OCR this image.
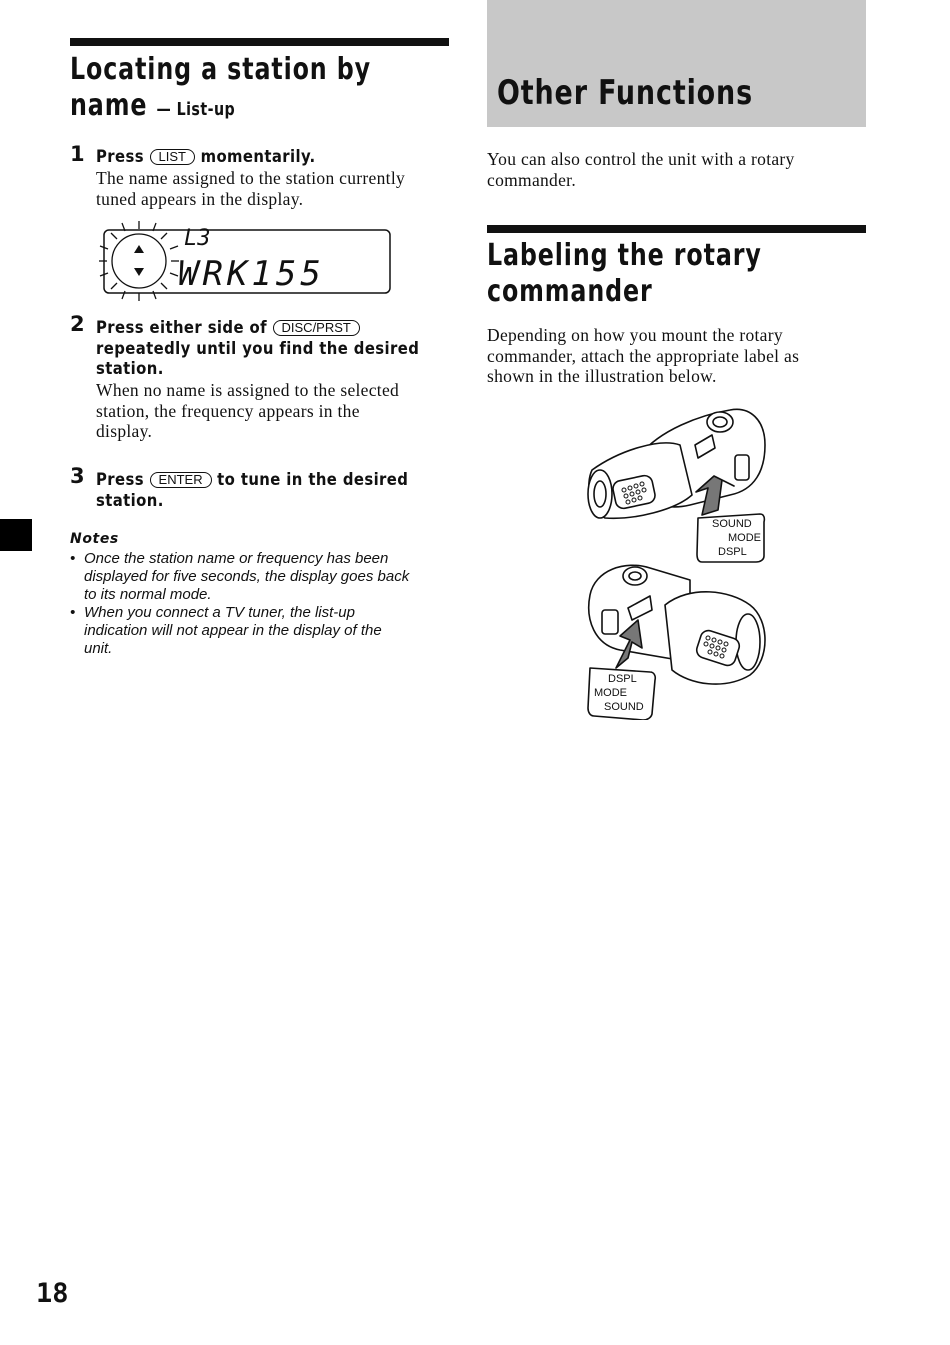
Locating a station by
name — List-up
1 Press LIST momentarily.
The name assigned to the station currently
tuned appears in the display.
L3
WRK155
2 Press either side of DISC/PRST
repeatedly until you find the desired
station.
When no name is assigned to the selected
station, the frequency appears in the
display.
3 Press ENTER to tune in the desired
station.
Notes
• Once the station name or frequency has been
displayed for five seconds, the display goes back
to its normal mode.
• When you connect a TV tuner, the list-up
indication will not appear in the display of the
unit.
Other Functions
You can also control the unit with a rotary
commander.
Labeling the rotary
commander
Depending on how you mount the rotary
commander, attach the appropriate label as
shown in the illustration below.
SOUND
MODE
DSPL
DSPL
MODE
SOUND
18
